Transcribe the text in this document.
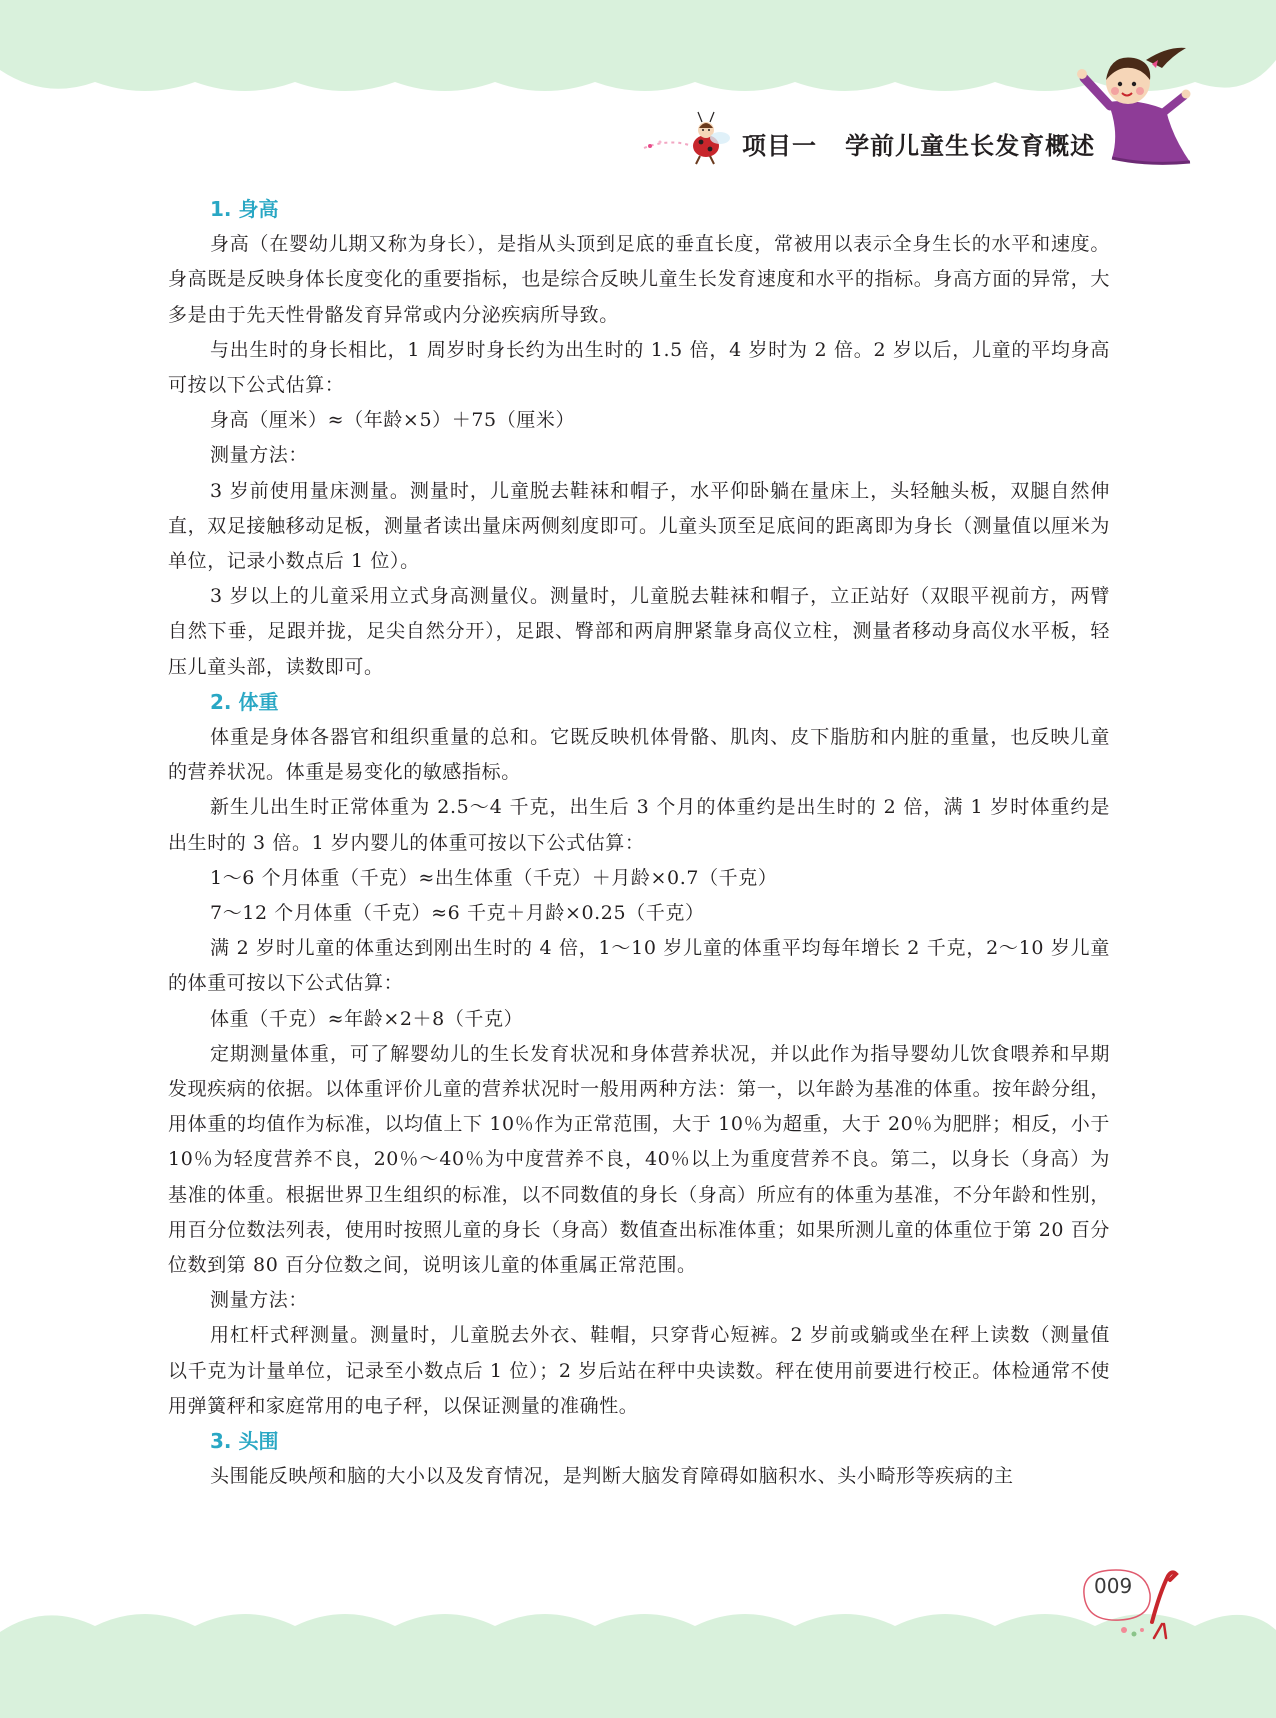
项目一   学前儿童生长发育概述
1. 身高

身高（在婴幼儿期又称为身长），是指从头顶到足底的垂直长度，常被用以表示全身生长的水平和速度。身高既是反映身体长度变化的重要指标，也是综合反映儿童生长发育速度和水平的指标。身高方面的异常，大多是由于先天性骨骼发育异常或内分泌疾病所导致。

与出生时的身长相比，1 周岁时身长约为出生时的 1.5 倍，4 岁时为 2 倍。2 岁以后，儿童的平均身高可按以下公式估算：

身高（厘米）≈（年龄×5）＋75（厘米）

测量方法：

3 岁前使用量床测量。测量时，儿童脱去鞋袜和帽子，水平仰卧躺在量床上，头轻触头板，双腿自然伸直，双足接触移动足板，测量者读出量床两侧刻度即可。儿童头顶至足底间的距离即为身长（测量值以厘米为单位，记录小数点后 1 位）。

3 岁以上的儿童采用立式身高测量仪。测量时，儿童脱去鞋袜和帽子，立正站好（双眼平视前方，两臂自然下垂，足跟并拢，足尖自然分开），足跟、臀部和两肩胛紧靠身高仪立柱，测量者移动身高仪水平板，轻压儿童头部，读数即可。

2. 体重

体重是身体各器官和组织重量的总和。它既反映机体骨骼、肌肉、皮下脂肪和内脏的重量，也反映儿童的营养状况。体重是易变化的敏感指标。

新生儿出生时正常体重为 2.5～4 千克，出生后 3 个月的体重约是出生时的 2 倍，满 1 岁时体重约是出生时的 3 倍。1 岁内婴儿的体重可按以下公式估算：

1～6 个月体重（千克）≈出生体重（千克）＋月龄×0.7（千克）

7～12 个月体重（千克）≈6 千克＋月龄×0.25（千克）

满 2 岁时儿童的体重达到刚出生时的 4 倍，1～10 岁儿童的体重平均每年增长 2 千克，2～10 岁儿童的体重可按以下公式估算：

体重（千克）≈年龄×2＋8（千克）

定期测量体重，可了解婴幼儿的生长发育状况和身体营养状况，并以此作为指导婴幼儿饮食喂养和早期发现疾病的依据。以体重评价儿童的营养状况时一般用两种方法：第一，以年龄为基准的体重。按年龄分组，用体重的均值作为标准，以均值上下 10％作为正常范围，大于 10％为超重，大于 20％为肥胖；相反，小于 10％为轻度营养不良，20％～40％为中度营养不良，40％以上为重度营养不良。第二，以身长（身高）为基准的体重。根据世界卫生组织的标准，以不同数值的身长（身高）所应有的体重为基准，不分年龄和性别，用百分位数法列表，使用时按照儿童的身长（身高）数值查出标准体重；如果所测儿童的体重位于第 20 百分位数到第 80 百分位数之间，说明该儿童的体重属正常范围。

测量方法：

用杠杆式秤测量。测量时，儿童脱去外衣、鞋帽，只穿背心短裤。2 岁前或躺或坐在秤上读数（测量值以千克为计量单位，记录至小数点后 1 位）；2 岁后站在秤中央读数。秤在使用前要进行校正。体检通常不使用弹簧秤和家庭常用的电子秤，以保证测量的准确性。

3. 头围

头围能反映颅和脑的大小以及发育情况，是判断大脑发育障碍如脑积水、头小畸形等疾病的主

009
